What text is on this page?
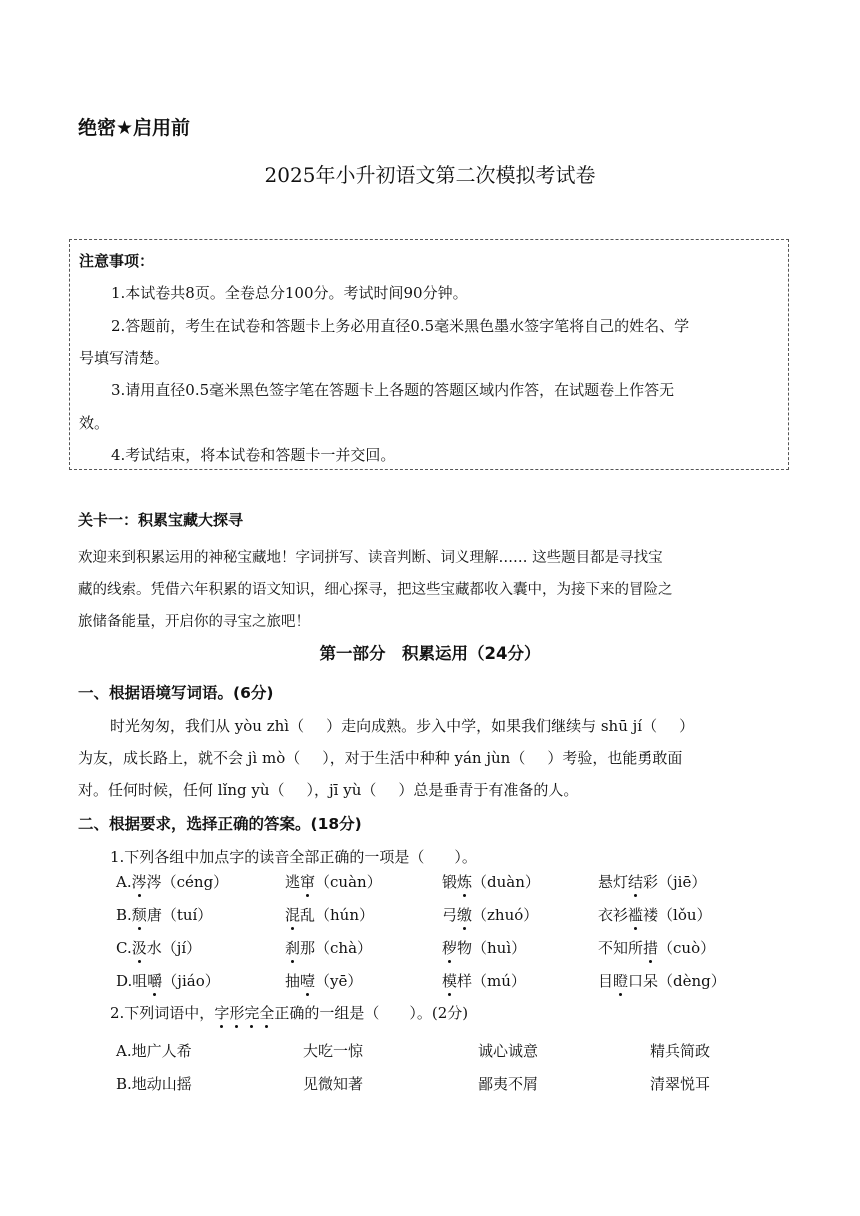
绝密★启用前
2025年小升初语文第二次模拟考试卷
注意事项：
1.本试卷共8页。全卷总分100分。考试时间90分钟。
2.答题前，考生在试卷和答题卡上务必用直径0.5毫米黑色墨水签字笔将自己的姓名、学
号填写清楚。
3.请用直径0.5毫米黑色签字笔在答题卡上各题的答题区域内作答，在试题卷上作答无
效。
4.考试结束，将本试卷和答题卡一并交回。
关卡一：积累宝藏大探寻
欢迎来到积累运用的神秘宝藏地！字词拼写、读音判断、词义理解…… 这些题目都是寻找宝
藏的线索。凭借六年积累的语文知识，细心探寻，把这些宝藏都收入囊中，为接下来的冒险之
旅储备能量，开启你的寻宝之旅吧！
第一部分　积累运用（24分）
一、根据语境写词语。(6分)
时光匆匆，我们从 yòu zhì（ ）走向成熟。步入中学，如果我们继续与 shū jí（ ）
为友，成长路上，就不会 jì mò（ ），对于生活中种种 yán jùn（ ）考验，也能勇敢面
对。任何时候，任何 lǐng yù（ ），jī yù（ ）总是垂青于有准备的人。
二、根据要求，选择正确的答案。(18分)
1.下列各组中加点字的读音全部正确的一项是（　　）。
A.涔涔（céng）	逃窜（cuàn）	锻炼（duàn）	悬灯结彩（jiē）
B.颓唐（tuí）	混乱（hún）	弓缴（zhuó）	衣衫褴褛（lǒu）
C.汲水（jí）	刹那（chà）	秽物（huì）	不知所措（cuò）
D.咀嚼（jiáo）	抽噎（yē）	模样（mú）	目瞪口呆（dèng）
2.下列词语中，字形完全正确的一组是（　　）。(2分)
A.地广人希	大吃一惊	诚心诚意	精兵简政
B.地动山摇	见微知著	鄙夷不屑	清翠悦耳
